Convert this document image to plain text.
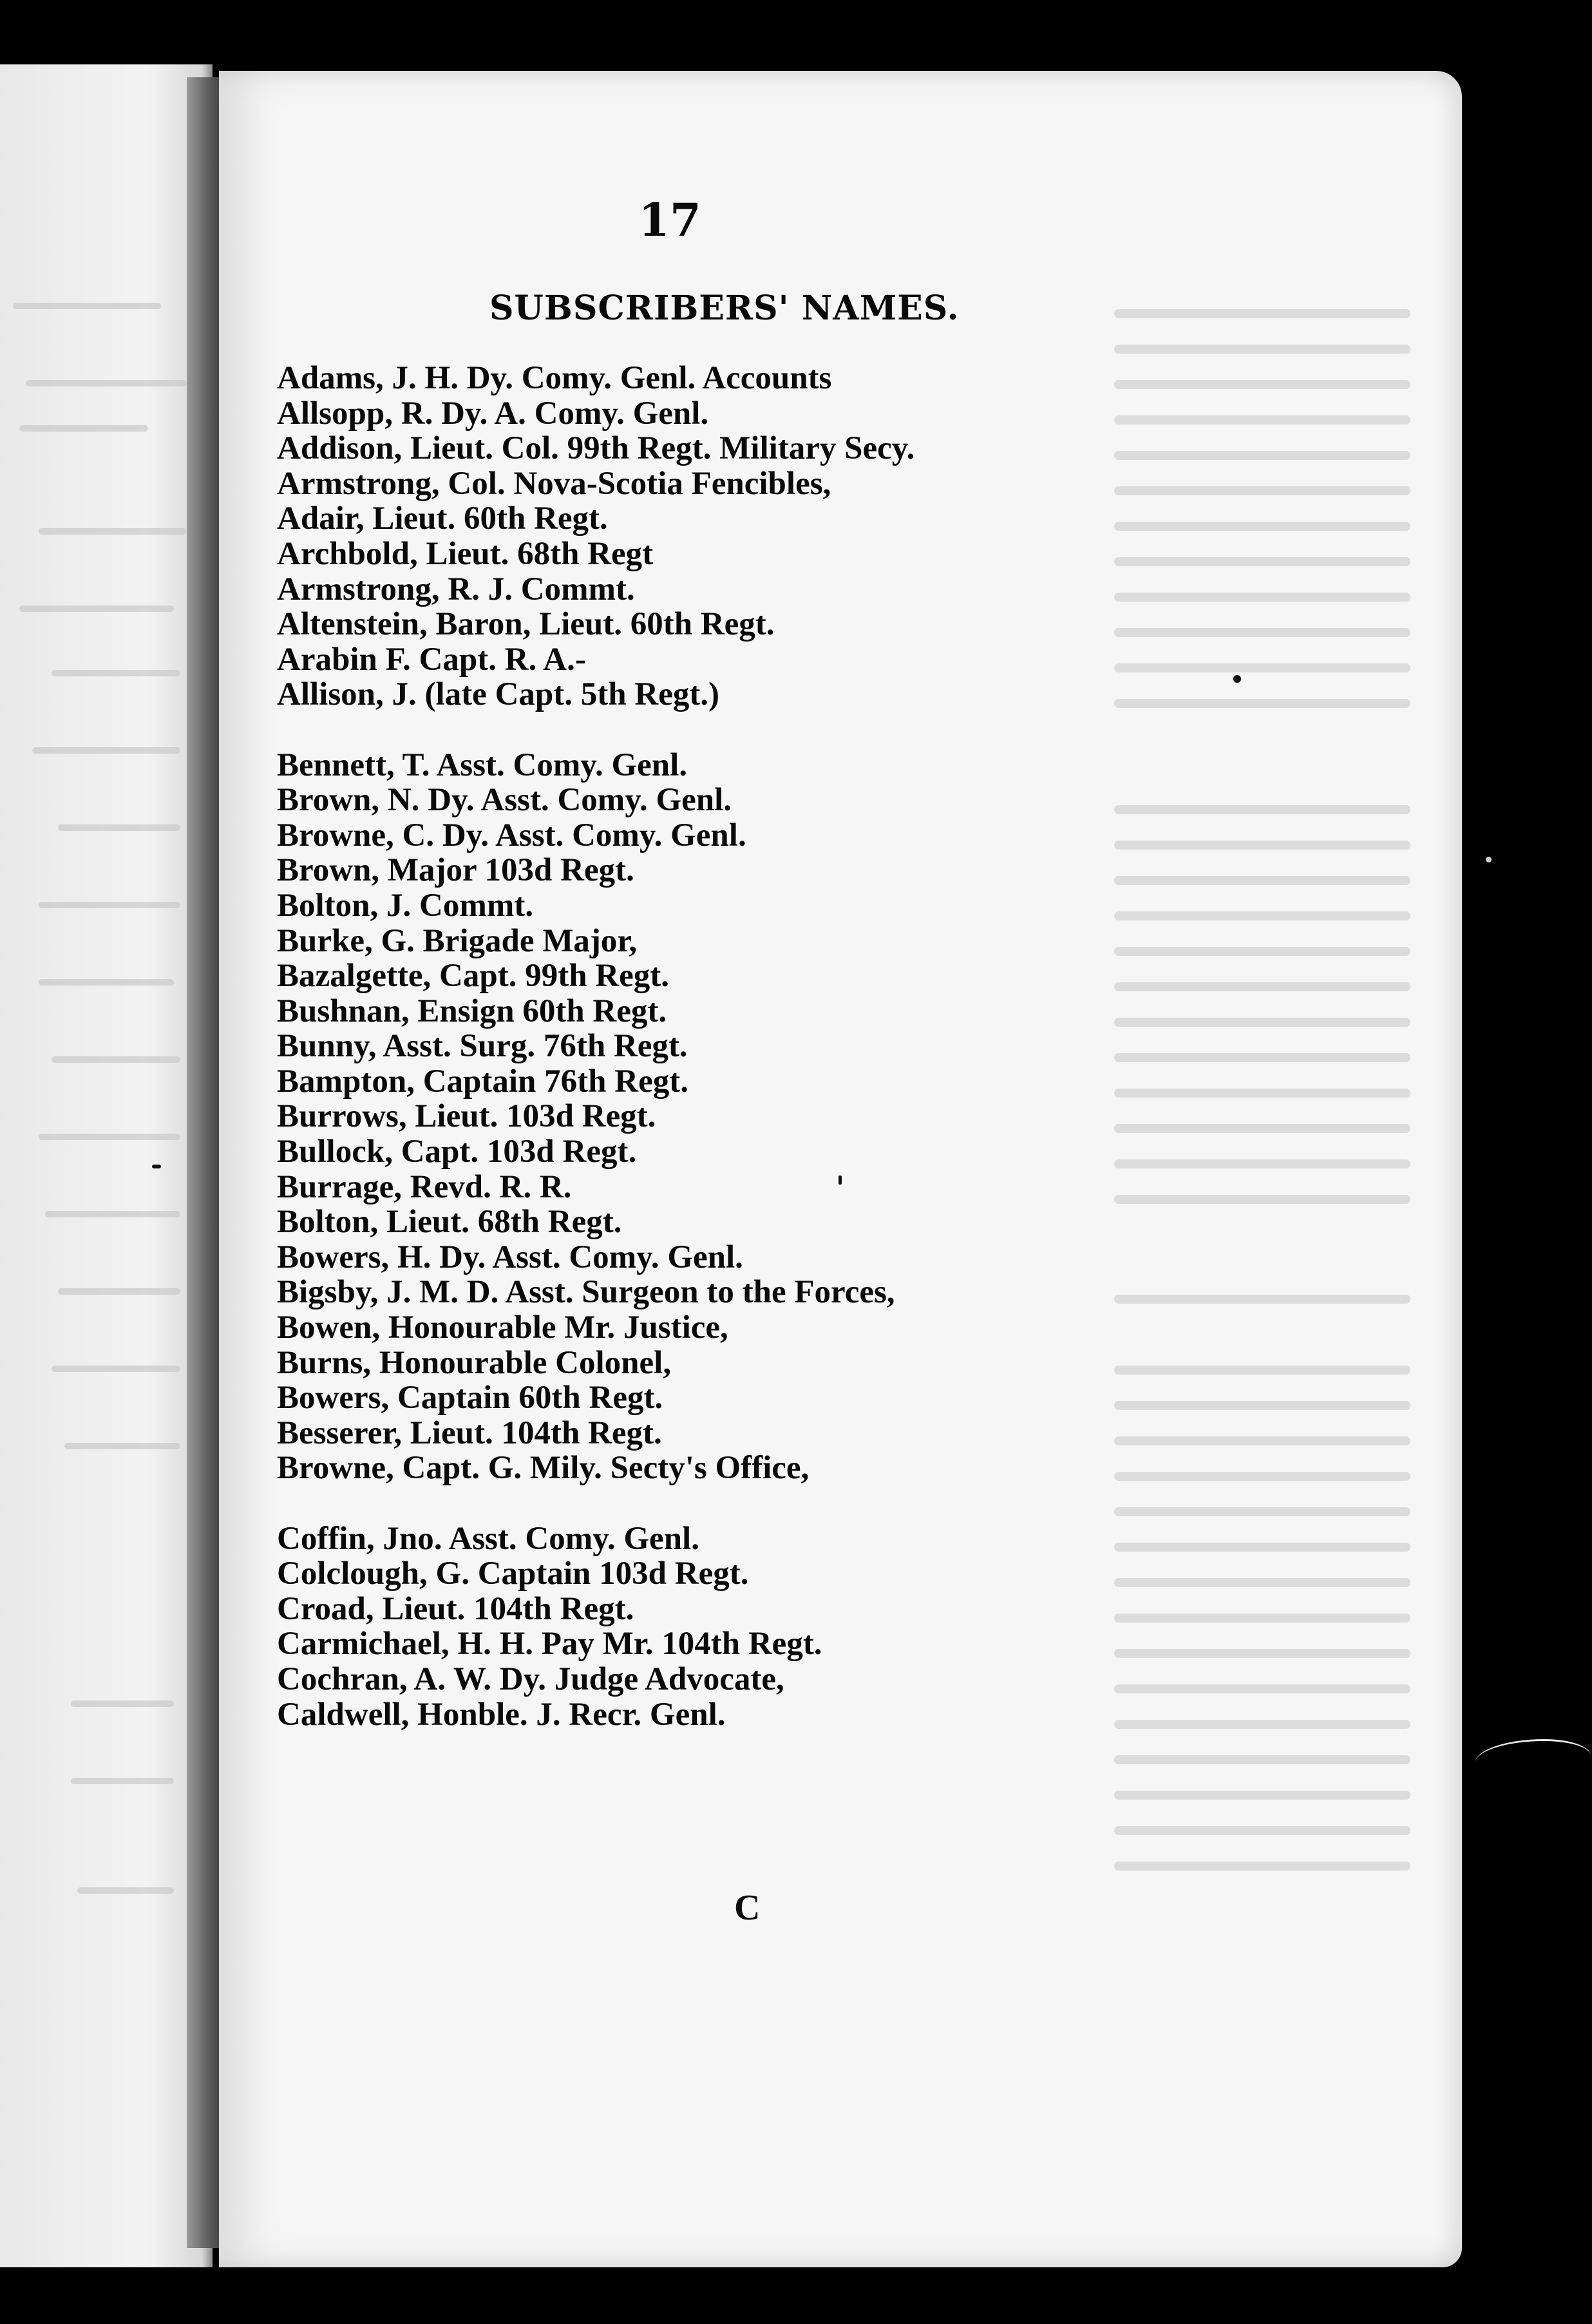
17
SUBSCRIBERS' NAMES.
Adams, J. H. Dy. Comy. Genl. Accounts
Allsopp, R. Dy. A. Comy. Genl.
Addison, Lieut. Col. 99th Regt. Military Secy.
Armstrong, Col. Nova-Scotia Fencibles,
Adair, Lieut. 60th Regt.
Archbold, Lieut. 68th Regt
Armstrong, R. J. Commt.
Altenstein, Baron, Lieut. 60th Regt.
Arabin F. Capt. R. A.-
Allison, J. (late Capt. 5th Regt.)
Bennett, T. Asst. Comy. Genl.
Brown, N. Dy. Asst. Comy. Genl.
Browne, C. Dy. Asst. Comy. Genl.
Brown, Major 103d Regt.
Bolton, J. Commt.
Burke, G. Brigade Major,
Bazalgette, Capt. 99th Regt.
Bushnan, Ensign 60th Regt.
Bunny, Asst. Surg. 76th Regt.
Bampton, Captain 76th Regt.
Burrows, Lieut. 103d Regt.
Bullock, Capt. 103d Regt.
Burrage, Revd. R. R.
Bolton, Lieut. 68th Regt.
Bowers, H. Dy. Asst. Comy. Genl.
Bigsby, J. M. D. Asst. Surgeon to the Forces,
Bowen, Honourable Mr. Justice,
Burns, Honourable Colonel,
Bowers, Captain 60th Regt.
Besserer, Lieut. 104th Regt.
Browne, Capt. G. Mily. Secty's Office,
Coffin, Jno. Asst. Comy. Genl.
Colclough, G. Captain 103d Regt.
Croad, Lieut. 104th Regt.
Carmichael, H. H. Pay Mr. 104th Regt.
Cochran, A. W. Dy. Judge Advocate,
Caldwell, Honble. J. Recr. Genl.
C
